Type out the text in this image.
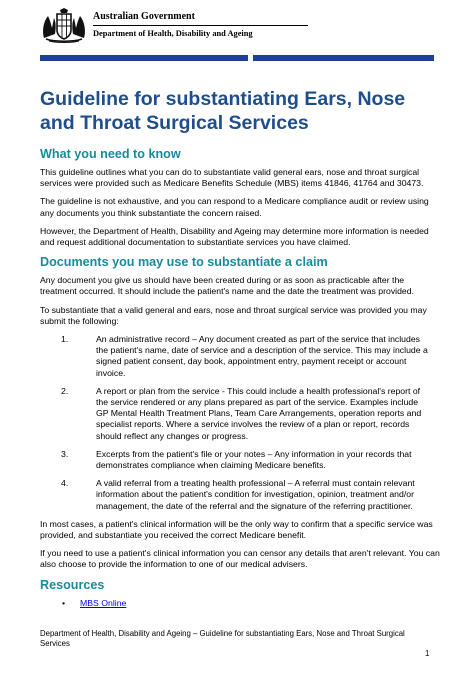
Australian Government
Department of Health, Disability and Ageing
Guideline for substantiating Ears, Nose and Throat Surgical Services
What you need to know

This guideline outlines what you can do to substantiate valid general ears, nose and throat surgical services were provided such as Medicare Benefits Schedule (MBS) items 41846, 41764 and 30473.

The guideline is not exhaustive, and you can respond to a Medicare compliance audit or review using any documents you think substantiate the concern raised.

However, the Department of Health, Disability and Ageing may determine more information is needed and request additional documentation to substantiate services you have claimed.

Documents you may use to substantiate a claim

Any document you give us should have been created during or as soon as practicable after the treatment occurred. It should include the patient's name and the date the treatment was provided.

To substantiate that a valid general and ears, nose and throat surgical service was provided you may submit the following:

1.	An administrative record – Any document created as part of the service that includes the patient's name, date of service and a description of the service. This may include a signed patient consent, day book, appointment entry, payment receipt or account invoice.
2.	A report or plan from the service - This could include a health professional's report of the service rendered or any plans prepared as part of the service. Examples include GP Mental Health Treatment Plans, Team Care Arrangements, operation reports and specialist reports. Where a service involves the review of a plan or report, records should reflect any changes or progress.
3.	Excerpts from the patient's file or your notes – Any information in your records that demonstrates compliance when claiming Medicare benefits.
4.	A valid referral from a treating health professional – A referral must contain relevant information about the patient's condition for investigation, opinion, treatment and/or management, the date of the referral and the signature of the referring practitioner.

In most cases, a patient's clinical information will be the only way to confirm that a specific service was provided, and substantiate you received the correct Medicare benefit.

If you need to use a patient's clinical information you can censor any details that aren't relevant. You can also choose to provide the information to one of our medical advisers.

Resources
•	MBS Online
Department of Health, Disability and Ageing – Guideline for substantiating Ears, Nose and Throat Surgical Services
1
